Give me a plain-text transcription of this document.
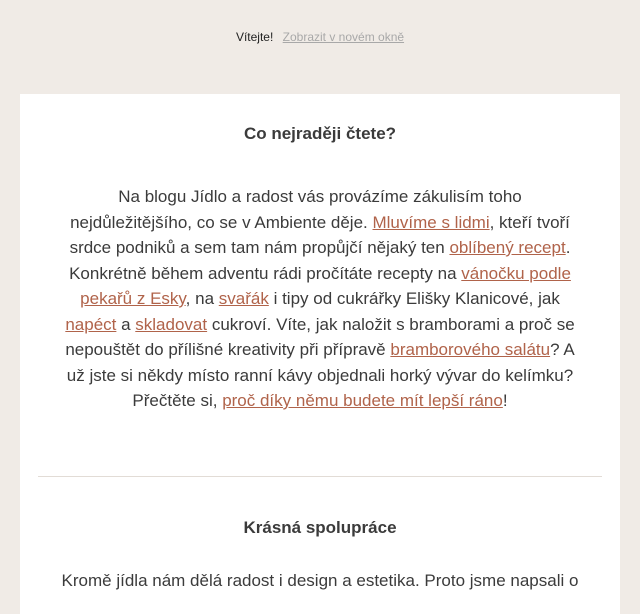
Vítejte! Zobrazit v novém okně
Co nejraději čtete?

Na blogu Jídlo a radost vás provázíme zákulisím toho nejdůležitějšího, co se v Ambiente děje. Mluvíme s lidmi, kteří tvoří srdce podniků a sem tam nám propůjčí nějaký ten oblíbený recept. Konkrétně během adventu rádi pročítáte recepty na vánočku podle pekařů z Esky, na svařák i tipy od cukrářky Elišky Klanicové, jak napéct a skladovat cukroví. Víte, jak naložit s bramborami a proč se nepouštět do přílišné kreativity při přípravě bramborového salátu? A už jste si někdy místo ranní kávy objednali horký vývar do kelímku? Přečtěte si, proč díky němu budete mít lepší ráno!

Krásná spolupráce

Kromě jídla nám dělá radost i design a estetika. Proto jsme napsali o
